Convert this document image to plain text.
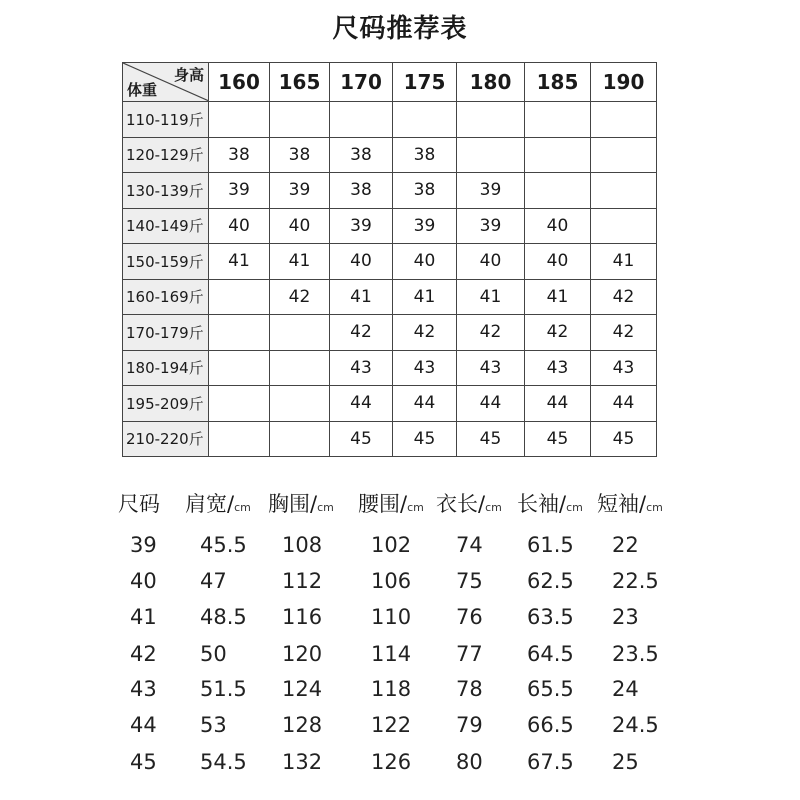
尺码推荐表
身高
体重	160	165	170	175	180	185	190
110-119斤							
120-129斤	38	38	38	38			
130-139斤	39	39	38	38	39		
140-149斤	40	40	39	39	39	40	
150-159斤	41	41	40	40	40	40	41
160-169斤		42	41	41	41	41	42
170-179斤			42	42	42	42	42
180-194斤			43	43	43	43	43
195-209斤			44	44	44	44	44
210-220斤			45	45	45	45	45
尺码 肩宽/cm 胸围/cm 腰围/cm 衣长/cm 长袖/cm 短袖/cm
39 45.5 108 102 74 61.5 22
40 47	112 106 75 62.5 22.5
41 48.5 116 110 76 63.5 23
42 50	120 114 77 64.5 23.5
43 51.5 124 118 78 65.5 24
44 53	128 122 79 66.5 24.5
45 54.5 132 126 80 67.5 25
